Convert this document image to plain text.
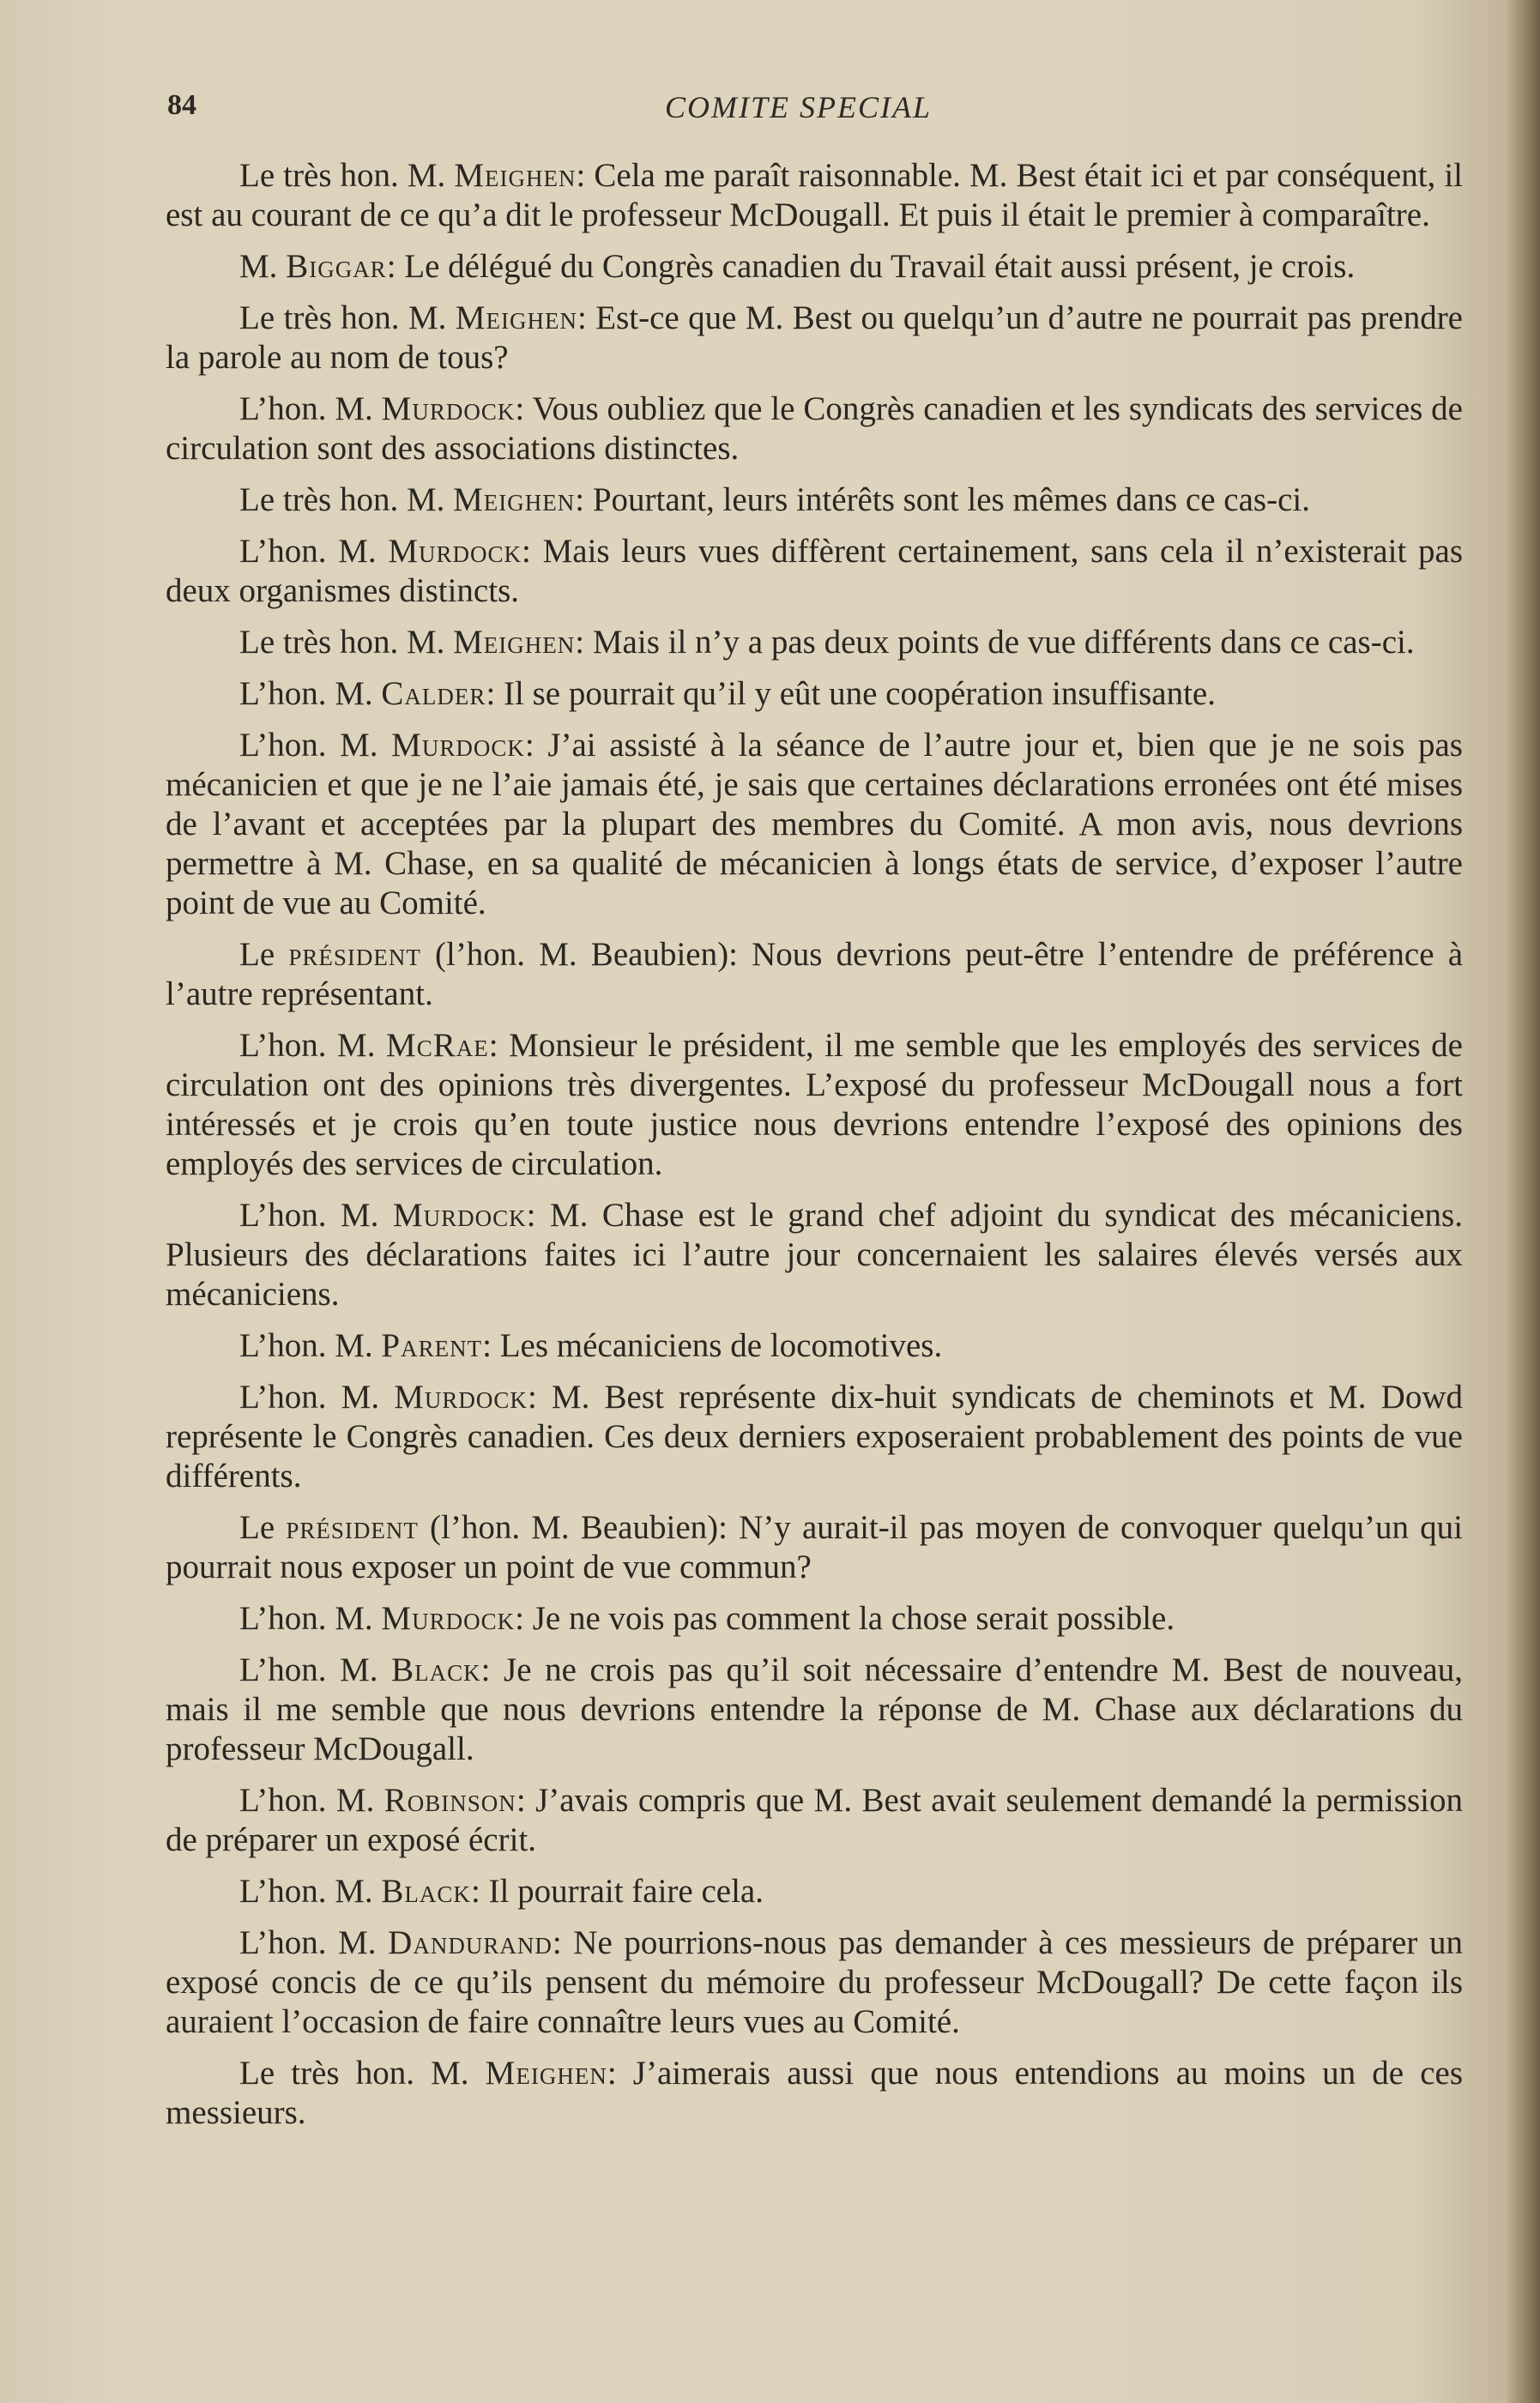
84	COMITE SPECIAL

Le très hon. M. Meighen: Cela me paraît raisonnable. M. Best était ici et par conséquent, il est au courant de ce qu’a dit le professeur McDougall. Et puis il était le premier à comparaître.

M. Biggar: Le délégué du Congrès canadien du Travail était aussi présent, je crois.

Le très hon. M. Meighen: Est-ce que M. Best ou quelqu’un d’autre ne pourrait pas prendre la parole au nom de tous?

L’hon. M. Murdock: Vous oubliez que le Congrès canadien et les syndicats des services de circulation sont des associations distinctes.

Le très hon. M. Meighen: Pourtant, leurs intérêts sont les mêmes dans ce cas-ci.

L’hon. M. Murdock: Mais leurs vues diffèrent certainement, sans cela il n’existerait pas deux organismes distincts.

Le très hon. M. Meighen: Mais il n’y a pas deux points de vue différents dans ce cas-ci.

L’hon. M. Calder: Il se pourrait qu’il y eût une coopération insuffisante.

L’hon. M. Murdock: J’ai assisté à la séance de l’autre jour et, bien que je ne sois pas mécanicien et que je ne l’aie jamais été, je sais que certaines déclarations erronées ont été mises de l’avant et acceptées par la plupart des membres du Comité. A mon avis, nous devrions permettre à M. Chase, en sa qualité de mécanicien à longs états de service, d’exposer l’autre point de vue au Comité.

Le président (l’hon. M. Beaubien): Nous devrions peut-être l’entendre de préférence à l’autre représentant.

L’hon. M. McRae: Monsieur le président, il me semble que les employés des services de circulation ont des opinions très divergentes. L’exposé du professeur McDougall nous a fort intéressés et je crois qu’en toute justice nous devrions entendre l’exposé des opinions des employés des services de circulation.

L’hon. M. Murdock: M. Chase est le grand chef adjoint du syndicat des mécaniciens. Plusieurs des déclarations faites ici l’autre jour concernaient les salaires élevés versés aux mécaniciens.

L’hon. M. Parent: Les mécaniciens de locomotives.

L’hon. M. Murdock: M. Best représente dix-huit syndicats de cheminots et M. Dowd représente le Congrès canadien. Ces deux derniers exposeraient probablement des points de vue différents.

Le président (l’hon. M. Beaubien): N’y aurait-il pas moyen de convoquer quelqu’un qui pourrait nous exposer un point de vue commun?

L’hon. M. Murdock: Je ne vois pas comment la chose serait possible.

L’hon. M. Black: Je ne crois pas qu’il soit nécessaire d’entendre M. Best de nouveau, mais il me semble que nous devrions entendre la réponse de M. Chase aux déclarations du professeur McDougall.

L’hon. M. Robinson: J’avais compris que M. Best avait seulement demandé la permission de préparer un exposé écrit.

L’hon. M. Black: Il pourrait faire cela.

L’hon. M. Dandurand: Ne pourrions-nous pas demander à ces messieurs de préparer un exposé concis de ce qu’ils pensent du mémoire du professeur McDougall? De cette façon ils auraient l’occasion de faire connaître leurs vues au Comité.

Le très hon. M. Meighen: J’aimerais aussi que nous entendions au moins un de ces messieurs.
